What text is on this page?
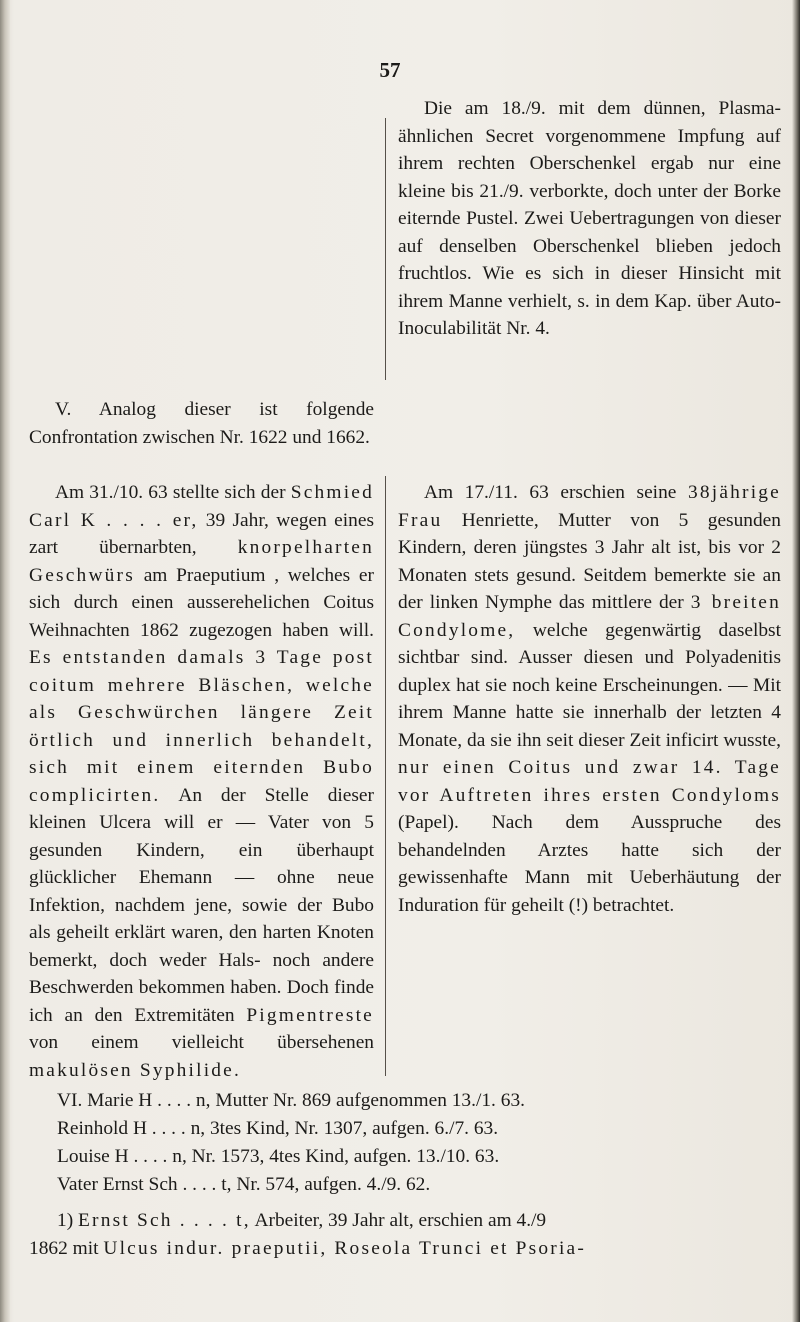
57

Die am 18./9. mit dem dünnen, Plasma-ähnlichen Secret vorgenommene Impfung auf ihrem rechten Oberschenkel ergab nur eine kleine bis 21./9. verborkte, doch unter der Borke eiternde Pustel. Zwei Uebertragungen von dieser auf denselben Oberschenkel blieben jedoch fruchtlos. Wie es sich in dieser Hinsicht mit ihrem Manne verhielt, s. in dem Kap. über Auto-Inoculabilität Nr. 4.

V. Analog dieser ist folgende Confrontation zwischen Nr. 1622 und 1662.

Am 31./10. 63 stellte sich der Schmied Carl K . . . . er, 39 Jahr, wegen eines zart übernarbten, knorpelharten Geschwürs am Praeputium , welches er sich durch einen ausserehelichen Coitus Weihnachten 1862 zugezogen haben will. Es entstanden damals 3 Tage post coitum mehrere Bläschen, welche als Geschwürchen längere Zeit örtlich und innerlich behandelt, sich mit einem eiternden Bubo complicirten. An der Stelle dieser kleinen Ulcera will er — Vater von 5 gesunden Kindern, ein überhaupt glücklicher Ehemann — ohne neue Infektion, nachdem jene, sowie der Bubo als geheilt erklärt waren, den harten Knoten bemerkt, doch weder Hals- noch andere Beschwerden bekommen haben. Doch finde ich an den Extremitäten Pigmentreste von einem vielleicht übersehenen makulösen Syphilide.

Am 17./11. 63 erschien seine 38jährige Frau Henriette, Mutter von 5 gesunden Kindern, deren jüngstes 3 Jahr alt ist, bis vor 2 Monaten stets gesund. Seitdem bemerkte sie an der linken Nymphe das mittlere der 3 breiten Condylome, welche gegenwärtig daselbst sichtbar sind. Ausser diesen und Polyadenitis duplex hat sie noch keine Erscheinungen. — Mit ihrem Manne hatte sie innerhalb der letzten 4 Monate, da sie ihn seit dieser Zeit inficirt wusste, nur einen Coitus und zwar 14. Tage vor Auftreten ihres ersten Condyloms (Papel). Nach dem Ausspruche des behandelnden Arztes hatte sich der gewissenhafte Mann mit Ueberhäutung der Induration für geheilt (!) betrachtet.

VI. Marie H . . . . n, Mutter Nr. 869 aufgenommen 13./1. 63.
Reinhold H . . . . n, 3tes Kind, Nr. 1307, aufgen. 6./7. 63.
Louise H . . . . n, Nr. 1573, 4tes Kind, aufgen. 13./10. 63.
Vater Ernst Sch . . . . t, Nr. 574, aufgen. 4./9. 62.
1) Ernst Sch . . . . t, Arbeiter, 39 Jahr alt, erschien am 4./9
1862 mit Ulcus indur. praeputii, Roseola Trunci et Psoria-
